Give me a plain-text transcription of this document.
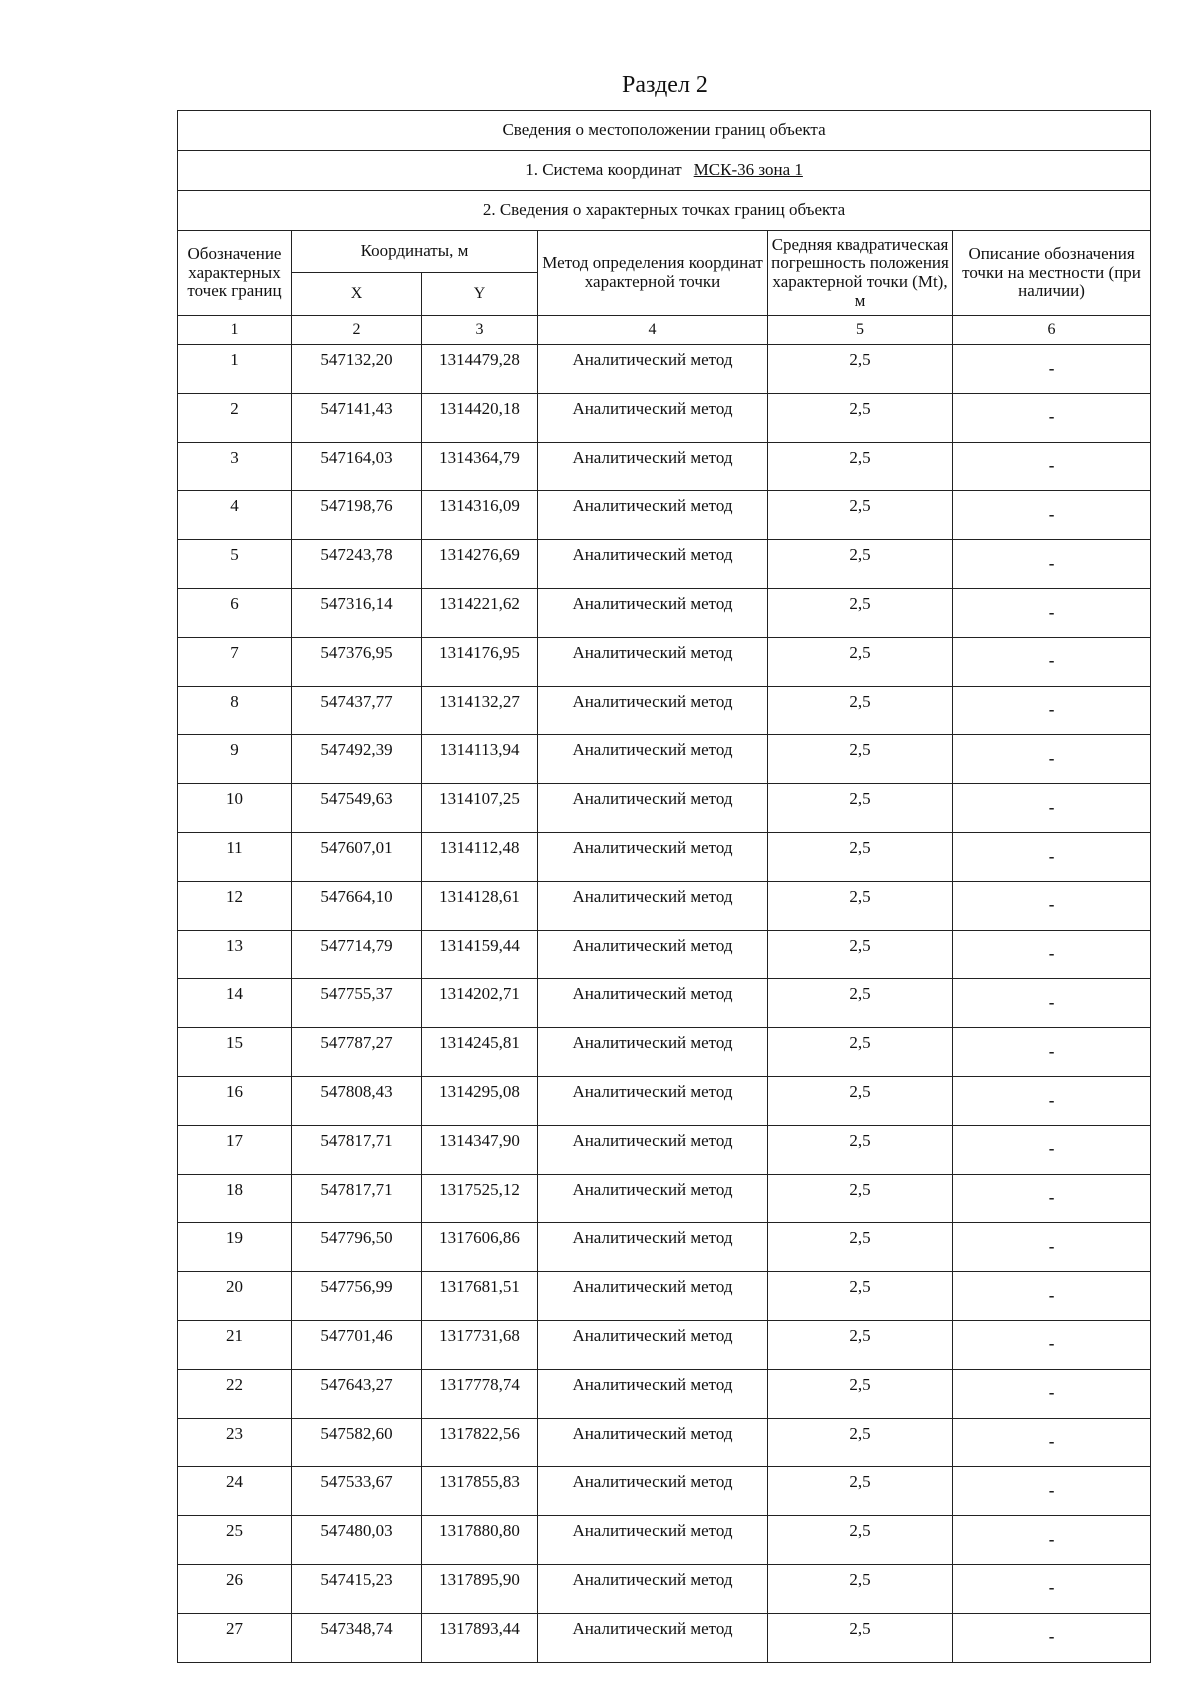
Раздел 2
Сведения о местоположении границ объекта					
1. Система координат МСК-36 зона 1					
2. Сведения о характерных точках границ объекта					
Обозначение характерных точек границ	Координаты, м		Метод определения координат характерной точки	Средняя квадратическая погрешность положения характерной точки (Mt), м	Описание обозначения точки на местности (при наличии)
	X	Y			
1	2	3	4	5	6
1	547132,20	1314479,28	Аналитический метод	2,5	-
2	547141,43	1314420,18	Аналитический метод	2,5	-
3	547164,03	1314364,79	Аналитический метод	2,5	-
4	547198,76	1314316,09	Аналитический метод	2,5	-
5	547243,78	1314276,69	Аналитический метод	2,5	-
6	547316,14	1314221,62	Аналитический метод	2,5	-
7	547376,95	1314176,95	Аналитический метод	2,5	-
8	547437,77	1314132,27	Аналитический метод	2,5	-
9	547492,39	1314113,94	Аналитический метод	2,5	-
10	547549,63	1314107,25	Аналитический метод	2,5	-
11	547607,01	1314112,48	Аналитический метод	2,5	-
12	547664,10	1314128,61	Аналитический метод	2,5	-
13	547714,79	1314159,44	Аналитический метод	2,5	-
14	547755,37	1314202,71	Аналитический метод	2,5	-
15	547787,27	1314245,81	Аналитический метод	2,5	-
16	547808,43	1314295,08	Аналитический метод	2,5	-
17	547817,71	1314347,90	Аналитический метод	2,5	-
18	547817,71	1317525,12	Аналитический метод	2,5	-
19	547796,50	1317606,86	Аналитический метод	2,5	-
20	547756,99	1317681,51	Аналитический метод	2,5	-
21	547701,46	1317731,68	Аналитический метод	2,5	-
22	547643,27	1317778,74	Аналитический метод	2,5	-
23	547582,60	1317822,56	Аналитический метод	2,5	-
24	547533,67	1317855,83	Аналитический метод	2,5	-
25	547480,03	1317880,80	Аналитический метод	2,5	-
26	547415,23	1317895,90	Аналитический метод	2,5	-
27	547348,74	1317893,44	Аналитический метод	2,5	-
